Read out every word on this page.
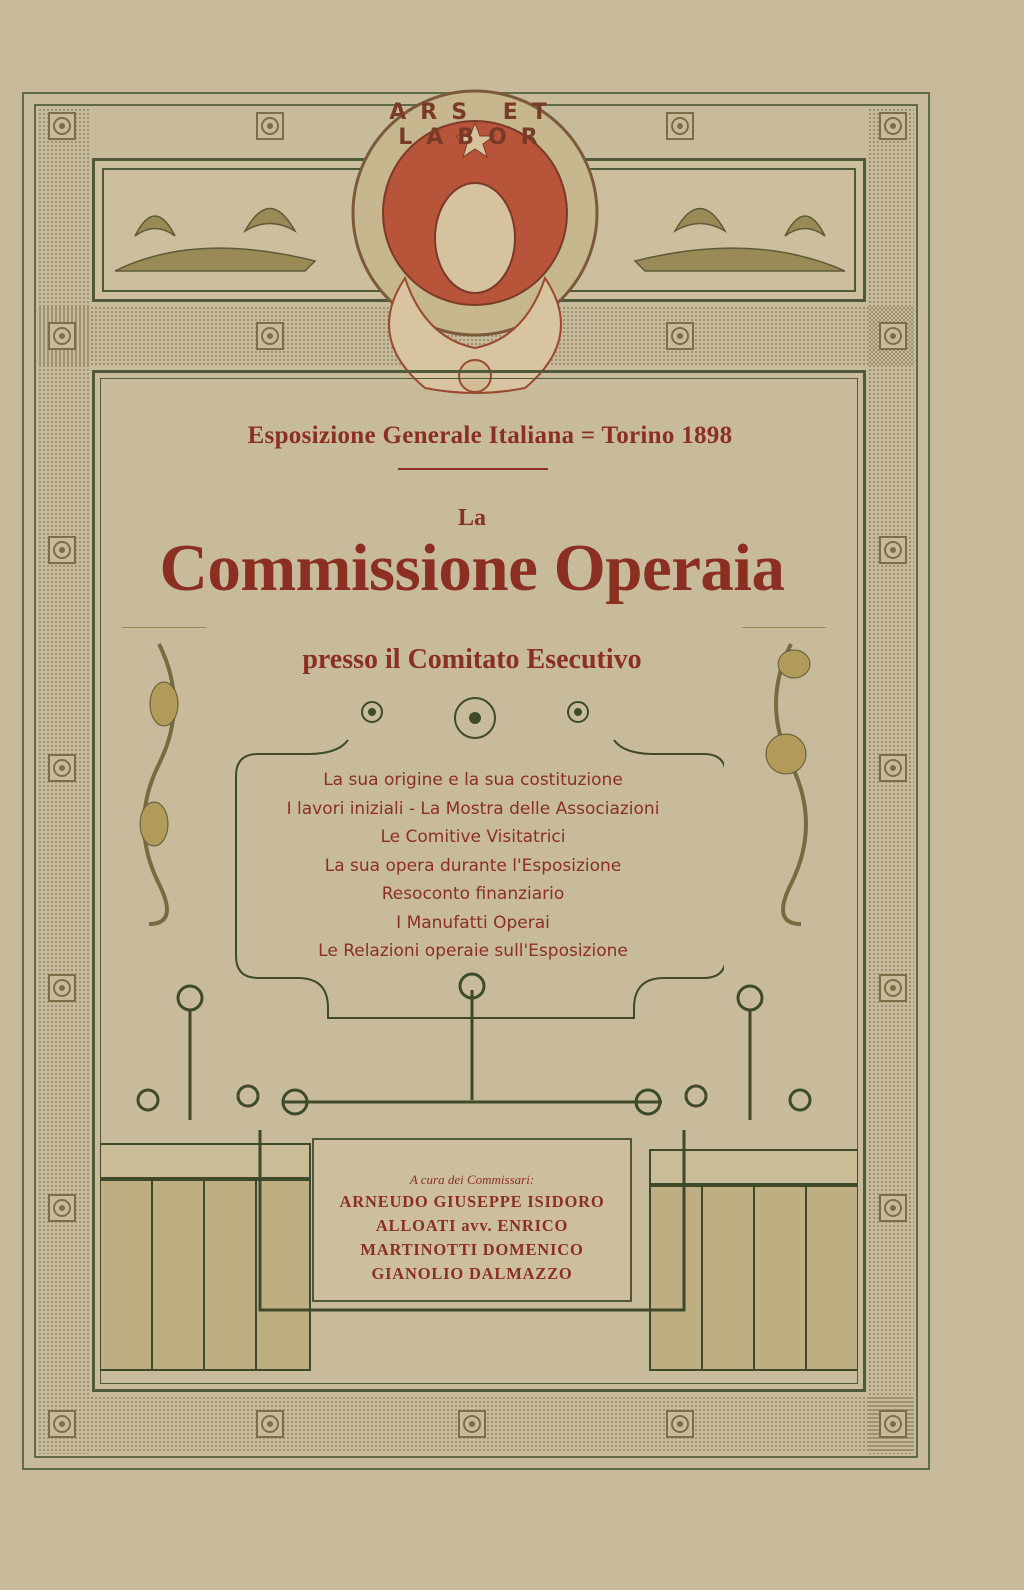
ARS ET LABOR
Esposizione Generale Italiana = Torino 1898
La
Commissione Operaia
presso il Comitato Esecutivo
La sua origine e la sua costituzione
I lavori iniziali - La Mostra delle Associazioni
Le Comitive Visitatrici
La sua opera durante l'Esposizione
Resoconto finanziario
I Manufatti Operai
Le Relazioni operaie sull'Esposizione
A cura dei Commissari:
ARNEUDO GIUSEPPE ISIDORO
ALLOATI avv. ENRICO
MARTINOTTI DOMENICO
GIANOLIO DALMAZZO
